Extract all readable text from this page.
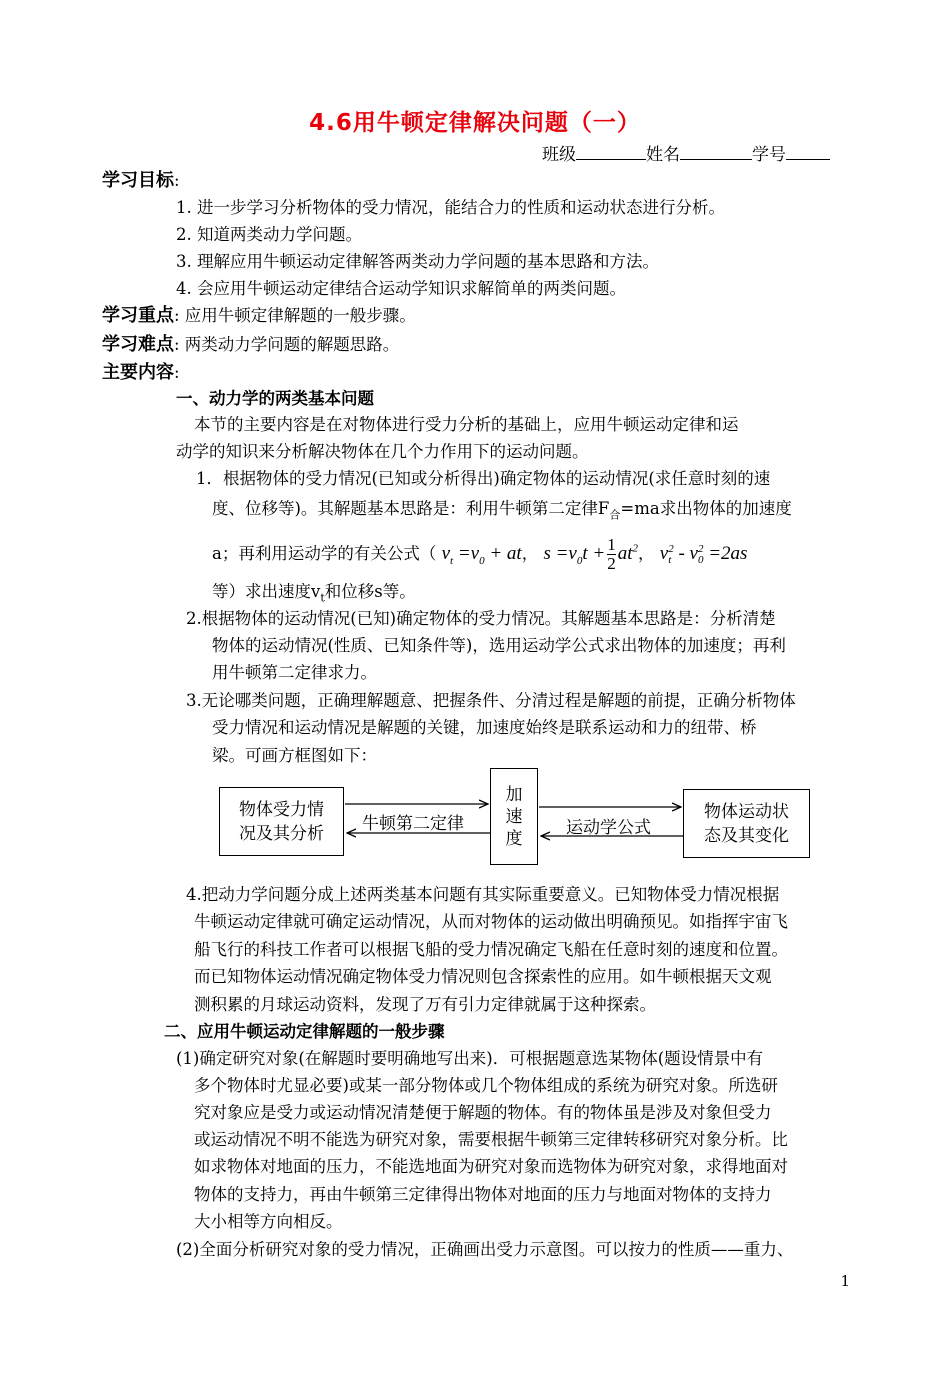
4.6用牛顿定律解决问题（一）
班级	姓名	学号
学习目标:
1. 进一步学习分析物体的受力情况，能结合力的性质和运动状态进行分析。
2. 知道两类动力学问题。
3. 理解应用牛顿运动定律解答两类动力学问题的基本思路和方法。
4. 会应用牛顿运动定律结合运动学知识求解简单的两类问题。
学习重点: 应用牛顿定律解题的一般步骤。
学习难点: 两类动力学问题的解题思路。
主要内容:
一、动力学的两类基本问题
本节的主要内容是在对物体进行受力分析的基础上，应用牛顿运动定律和运
动学的知识来分析解决物体在几个力作用下的运动问题。
1．根据物体的受力情况(已知或分析得出)确定物体的运动情况(求任意时刻的速
度、位移等)。其解题基本思路是：利用牛顿第二定律$F_合=ma$求出物体的加速度
a；再利用运动学的有关公式（ $v_t =v_0$ + at， $s =v_0t + \frac{1}{2} at^2$， v 2
t - v 2
0 =2as
等）求出速度$v_t$和位移s等。
2.根据物体的运动情况(已知)确定物体的受力情况。其解题基本思路是：分析清楚
物体的运动情况(性质、已知条件等)，选用运动学公式求出物体的加速度；再利
用牛顿第二定律求力。
3.无论哪类问题，正确理解题意、把握条件、分清过程是解题的前提，正确分析物体
受力情况和运动情况是解题的关键，加速度始终是联系运动和力的纽带、桥
梁。可画方框图如下：
物体受力情
况及其分析
加
速
度
物体运动状
态及其变化
牛顿第二定律	运动学公式
4.把动力学问题分成上述两类基本问题有其实际重要意义。已知物体受力情况根据
牛顿运动定律就可确定运动情况，从而对物体的运动做出明确预见。如指挥宇宙飞
船飞行的科技工作者可以根据飞船的受力情况确定飞船在任意时刻的速度和位置。
而已知物体运动情况确定物体受力情况则包含探索性的应用。如牛顿根据天文观
测积累的月球运动资料，发现了万有引力定律就属于这种探索。
二、应用牛顿运动定律解题的一般步骤
(1)确定研究对象(在解题时要明确地写出来)．可根据题意选某物体(题设情景中有
多个物体时尤显必要)或某一部分物体或几个物体组成的系统为研究对象。所选研
究对象应是受力或运动情况清楚便于解题的物体。有的物体虽是涉及对象但受力
或运动情况不明不能选为研究对象，需要根据牛顿第三定律转移研究对象分析。比
如求物体对地面的压力，不能选地面为研究对象而选物体为研究对象，求得地面对
物体的支持力，再由牛顿第三定律得出物体对地面的压力与地面对物体的支持力
大小相等方向相反。
(2)全面分析研究对象的受力情况，正确画出受力示意图。可以按力的性质——重力、
1
